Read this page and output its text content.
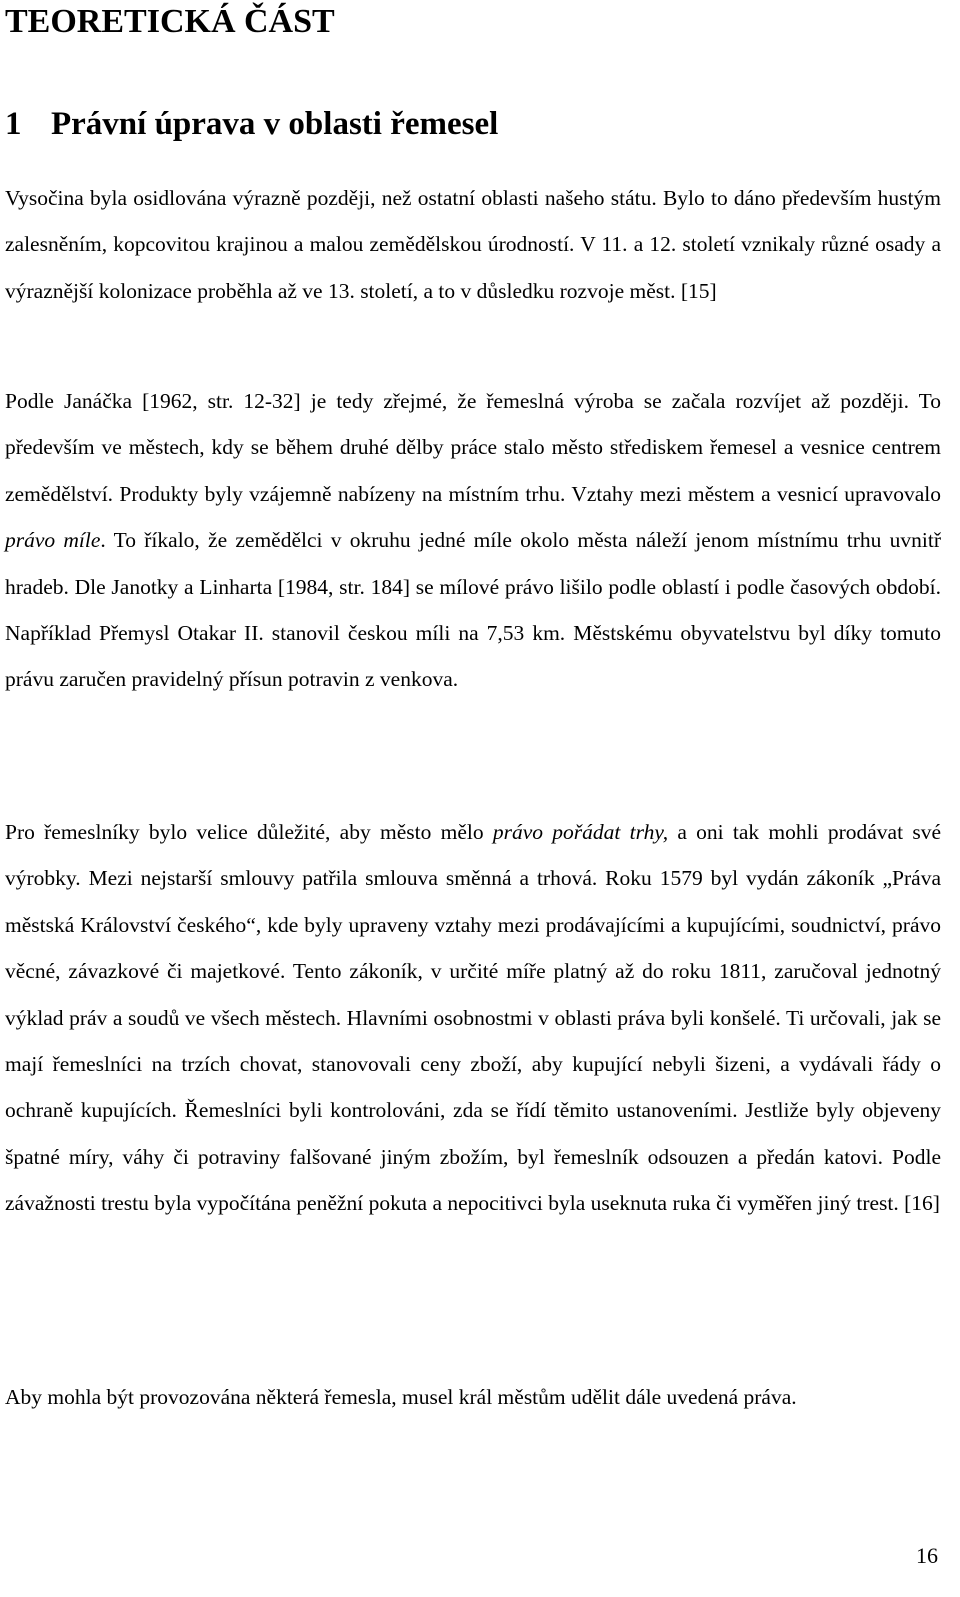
TEORETICKÁ ČÁST
1 Právní úprava v oblasti řemesel

Vysočina byla osidlována výrazně později, než ostatní oblasti našeho státu. Bylo to dáno především hustým zalesněním, kopcovitou krajinou a malou zemědělskou úrodností. V 11. a 12. století vznikaly různé osady a výraznější kolonizace proběhla až ve 13. století, a to v důsledku rozvoje měst. [15]

Podle Janáčka [1962, str. 12-32] je tedy zřejmé, že řemeslná výroba se začala rozvíjet až později. To především ve městech, kdy se během druhé dělby práce stalo město střediskem řemesel a vesnice centrem zemědělství. Produkty byly vzájemně nabízeny na místním trhu. Vztahy mezi městem a vesnicí upravovalo právo míle. To říkalo, že zemědělci v okruhu jedné míle okolo města náleží jenom místnímu trhu uvnitř hradeb. Dle Janotky a Linharta [1984, str. 184] se mílové právo lišilo podle oblastí i podle časových období. Například Přemysl Otakar II. stanovil českou míli na 7,53 km. Městskému obyvatelstvu byl díky tomuto právu zaručen pravidelný přísun potravin z venkova.

Pro řemeslníky bylo velice důležité, aby město mělo právo pořádat trhy, a oni tak mohli prodávat své výrobky. Mezi nejstarší smlouvy patřila smlouva směnná a trhová. Roku 1579 byl vydán zákoník „Práva městská Království českého“, kde byly upraveny vztahy mezi prodávajícími a kupujícími, soudnictví, právo věcné, závazkové či majetkové. Tento zákoník, v určité míře platný až do roku 1811, zaručoval jednotný výklad práv a soudů ve všech městech. Hlavními osobnostmi v oblasti práva byli konšelé. Ti určovali, jak se mají řemeslníci na trzích chovat, stanovovali ceny zboží, aby kupující nebyli šizeni, a vydávali řády o ochraně kupujících. Řemeslníci byli kontrolováni, zda se řídí těmito ustanoveními. Jestliže byly objeveny špatné míry, váhy či potraviny falšované jiným zbožím, byl řemeslník odsouzen a předán katovi. Podle závažnosti trestu byla vypočítána peněžní pokuta a nepocitivci byla useknuta ruka či vyměřen jiný trest. [16]

Aby mohla být provozována některá řemesla, musel král městům udělit dále uvedená práva.

16
